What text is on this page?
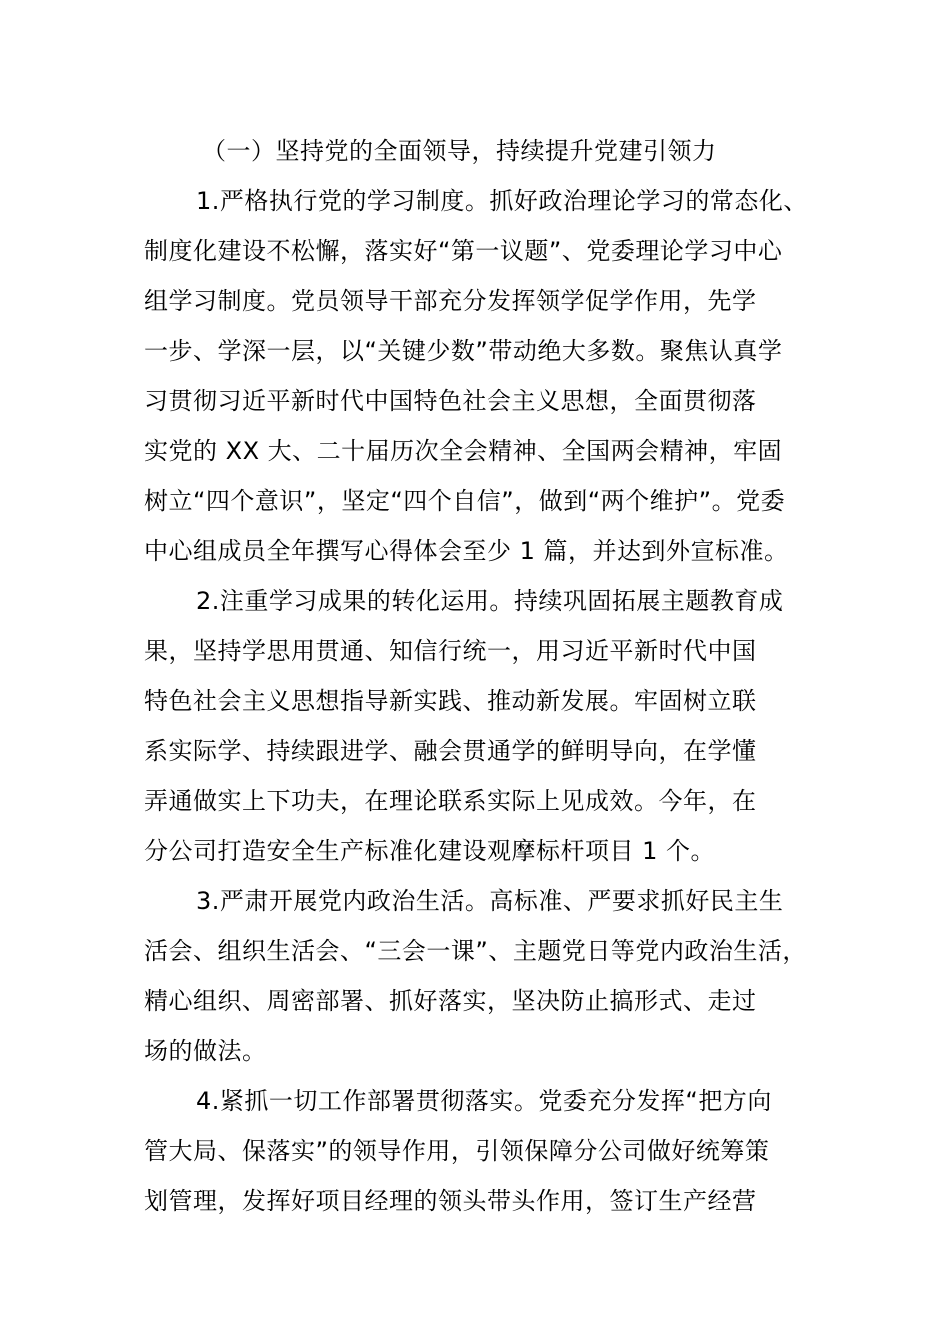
（一）坚持党的全面领导，持续提升党建引领力
1.严格执行党的学习制度。抓好政治理论学习的常态化、
制度化建设不松懈，落实好“第一议题”、党委理论学习中心
组学习制度。党员领导干部充分发挥领学促学作用，先学
一步、学深一层，以“关键少数”带动绝大多数。聚焦认真学
习贯彻习近平新时代中国特色社会主义思想，全面贯彻落
实党的 XX 大、二十届历次全会精神、全国两会精神，牢固
树立“四个意识”，坚定“四个自信”，做到“两个维护”。党委
中心组成员全年撰写心得体会至少 1 篇，并达到外宣标准。
2.注重学习成果的转化运用。持续巩固拓展主题教育成
果，坚持学思用贯通、知信行统一，用习近平新时代中国
特色社会主义思想指导新实践、推动新发展。牢固树立联
系实际学、持续跟进学、融会贯通学的鲜明导向，在学懂
弄通做实上下功夫，在理论联系实际上见成效。今年，在
分公司打造安全生产标准化建设观摩标杆项目 1 个。
3.严肃开展党内政治生活。高标准、严要求抓好民主生
活会、组织生活会、“三会一课”、主题党日等党内政治生活，
精心组织、周密部署、抓好落实，坚决防止搞形式、走过
场的做法。
4.紧抓一切工作部署贯彻落实。党委充分发挥“把方向
管大局、保落实”的领导作用，引领保障分公司做好统筹策
划管理，发挥好项目经理的领头带头作用，签订生产经营
